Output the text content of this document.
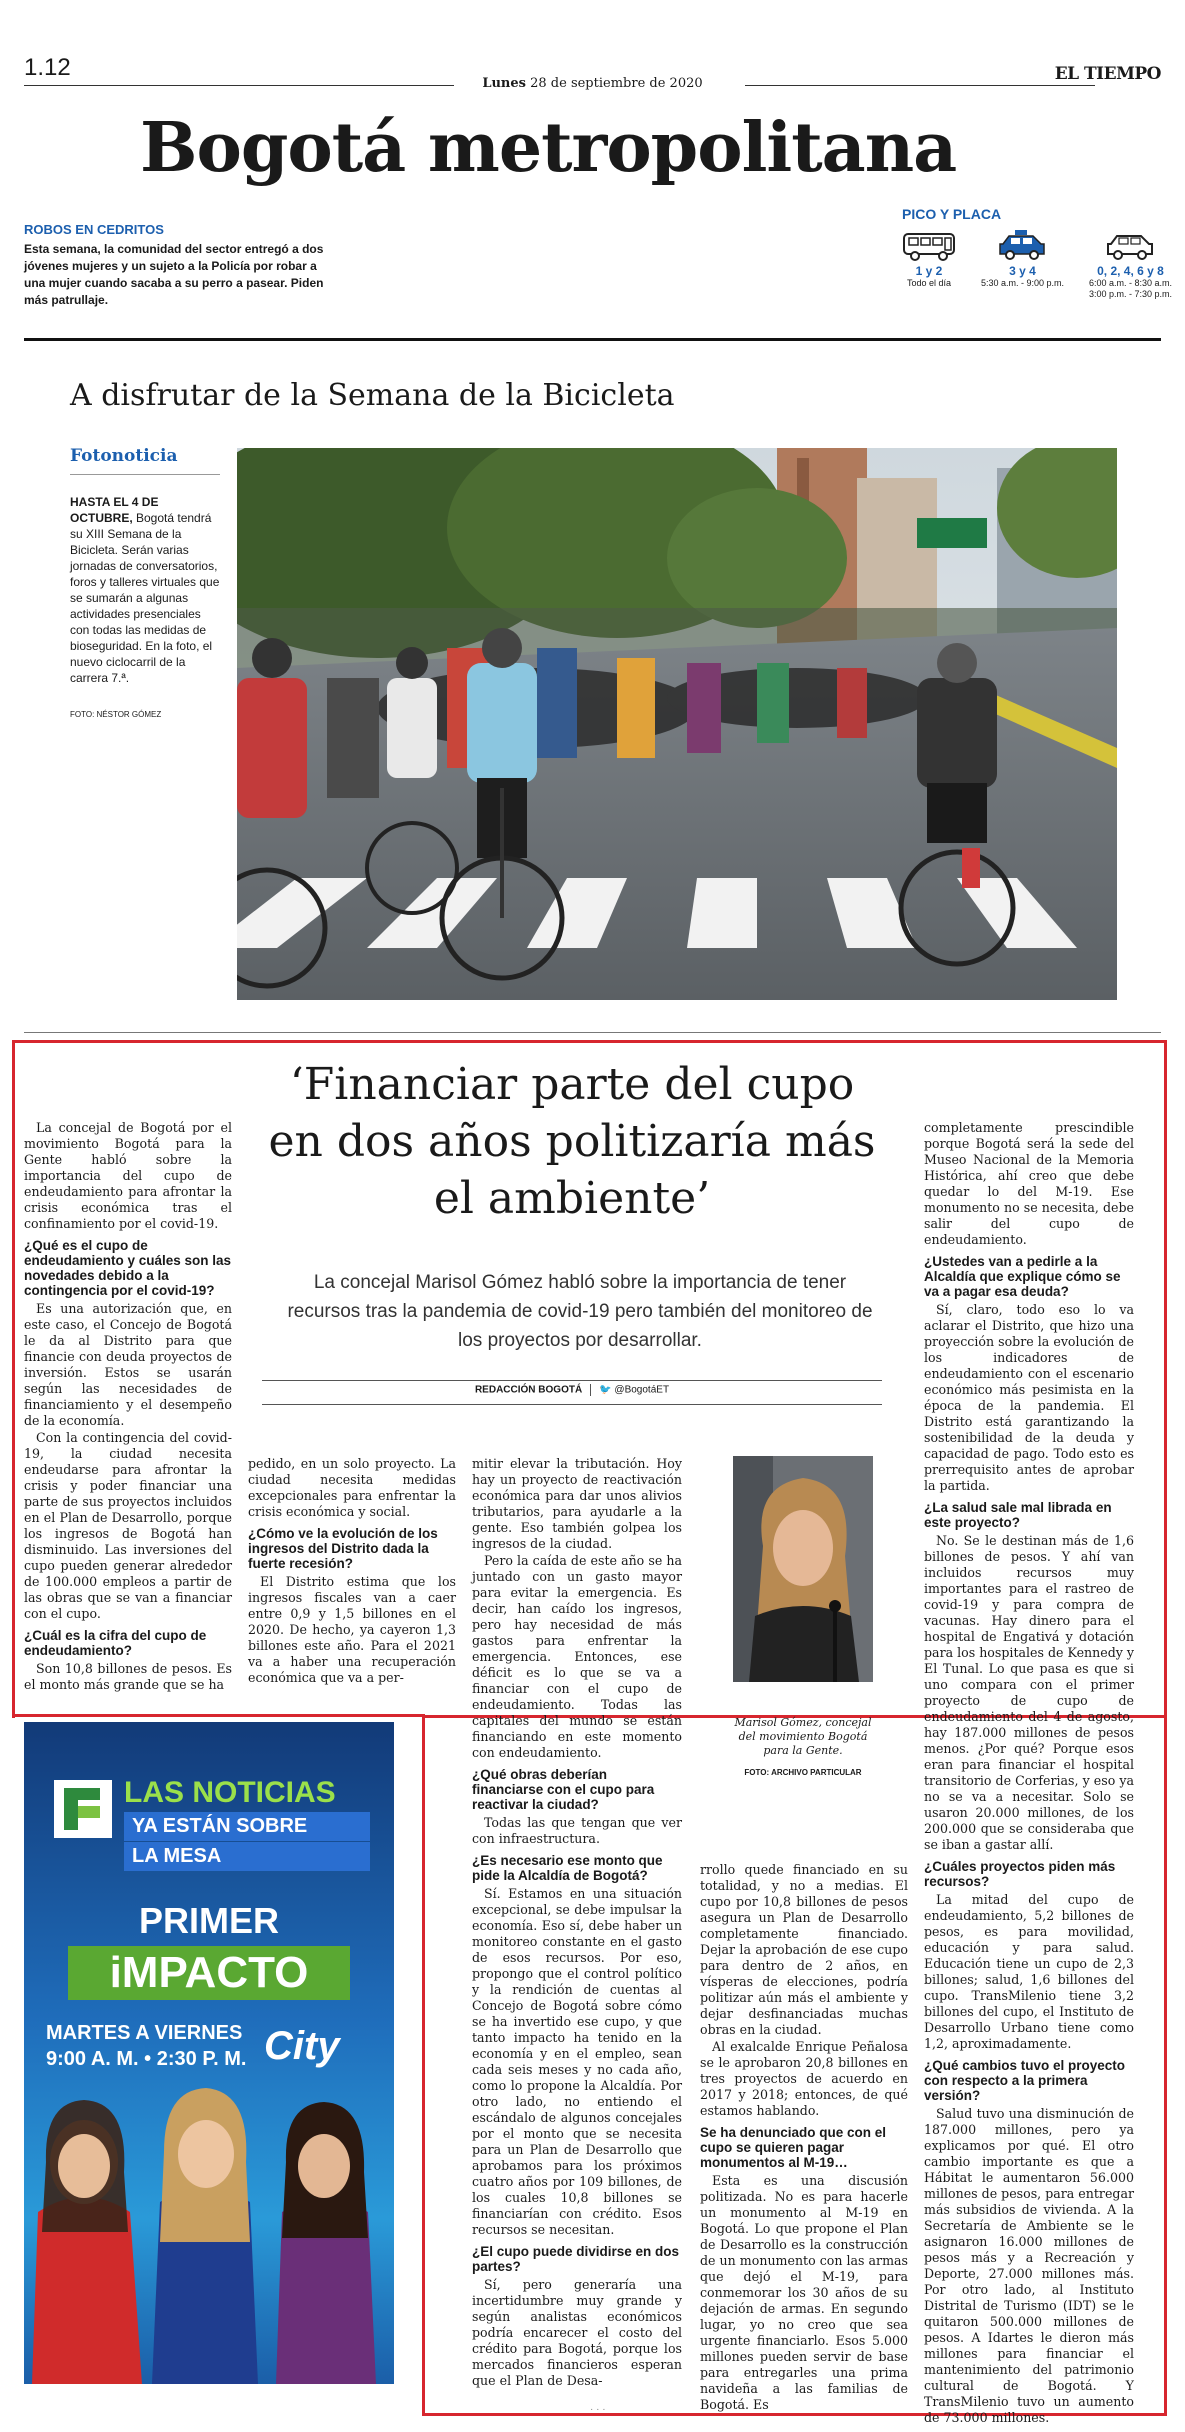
1.12
Lunes 28 de septiembre de 2020	EL TIEMPO
Bogotá metropolitana
ROBOS EN CEDRITOS
Esta semana, la comunidad del sector entregó a dos jóvenes mujeres y un sujeto a la Policía por robar a una mujer cuando sacaba a su perro a pasear. Piden más patrullaje.
PICO Y PLACA
1 y 2
Todo el día
3 y 4
5:30 a.m. - 9:00 p.m.
0, 2, 4, 6 y 8
6:00 a.m. - 8:30 a.m.
3:00 p.m. - 7:30 p.m.
A disfrutar de la Semana de la Bicicleta
Fotonoticia
HASTA EL 4 DE OCTUBRE, Bogotá tendrá su XIII Semana de la Bicicleta. Serán varias jornadas de conversatorios, foros y talleres virtuales que se sumarán a algunas actividades presenciales con todas las medidas de bioseguridad. En la foto, el nuevo ciclocarril de la carrera 7.ª.
FOTO: NÉSTOR GÓMEZ
‘Financiar parte del cupo en dos años politizaría más el ambiente’

La concejal Marisol Gómez habló sobre la importancia de tener recursos tras la pandemia de covid-19 pero también del monitoreo de los proyectos por desarrollar.

REDACCIÓN BOGOTÁ 🐦 @BogotáET

La concejal de Bogotá por el movimiento Bogotá para la Gente habló sobre la importancia del cupo de endeudamiento para afrontar la crisis económica tras el confinamiento por el covid-19.

¿Qué es el cupo de endeudamiento y cuáles son las novedades debido a la contingencia por el covid-19?

Es una autorización que, en este caso, el Concejo de Bogotá le da al Distrito para que financie con deuda proyectos de inversión. Estos se usarán según las necesidades de financiamiento y el desempeño de la economía.

Con la contingencia del covid-19, la ciudad necesita endeudarse para afrontar la crisis y poder financiar una parte de sus proyectos incluidos en el Plan de Desarrollo, porque los ingresos de Bogotá han disminuido. Las inversiones del cupo pueden generar alrededor de 100.000 empleos a partir de las obras que se van a financiar con el cupo.

¿Cuál es la cifra del cupo de endeudamiento?

Son 10,8 billones de pesos. Es el monto más grande que se ha

pedido, en un solo proyecto. La ciudad necesita medidas excepcionales para enfrentar la crisis económica y social.

¿Cómo ve la evolución de los ingresos del Distrito dada la fuerte recesión?

El Distrito estima que los ingresos fiscales van a caer entre 0,9 y 1,5 billones en el 2020. De hecho, ya cayeron 1,3 billones este año. Para el 2021 va a haber una recuperación económica que va a per-

mitir elevar la tributación. Hoy hay un proyecto de reactivación económica para dar unos alivios tributarios, para ayudarle a la gente. Eso también golpea los ingresos de la ciudad.

Pero la caída de este año se ha juntado con un gasto mayor para evitar la emergencia. Es decir, han caído los ingresos, pero hay necesidad de más gastos para enfrentar la emergencia. Entonces, ese déficit es lo que se va a financiar con el cupo de endeudamiento. Todas las capitales del mundo se están financiando en este momento con endeudamiento.

¿Qué obras deberían financiarse con el cupo para reactivar la ciudad?

Todas las que tengan que ver con infraestructura.

¿Es necesario ese monto que pide la Alcaldía de Bogotá?

Sí. Estamos en una situación excepcional, se debe impulsar la economía. Eso sí, debe haber un monitoreo constante en el gasto de esos recursos. Por eso, propongo que el control político y la rendición de cuentas al Concejo de Bogotá sobre cómo se ha invertido ese cupo, y que tanto impacto ha tenido en la economía y en el empleo, sean cada seis meses y no cada año, como lo propone la Alcaldía. Por otro lado, no entiendo el escándalo de algunos concejales por el monto que se necesita para un Plan de Desarrollo que aprobamos para los próximos cuatro años por 109 billones, de los cuales 10,8 billones se financiarían con crédito. Esos recursos se necesitan.

¿El cupo puede dividirse en dos partes?

Sí, pero generaría una incertidumbre muy grande y según analistas económicos podría encarecer el costo del crédito para Bogotá, porque los mercados financieros esperan que el Plan de Desa-

Marisol Gómez, concejal del movimiento Bogotá para la Gente.
FOTO: ARCHIVO PARTICULAR

rrollo quede financiado en su totalidad, y no a medias. El cupo por 10,8 billones de pesos asegura un Plan de Desarrollo completamente financiado. Dejar la aprobación de ese cupo para dentro de 2 años, en vísperas de elecciones, podría politizar aún más el ambiente y dejar desfinanciadas muchas obras en la ciudad.

Al exalcalde Enrique Peñalosa se le aprobaron 20,8 billones en tres proyectos de acuerdo en 2017 y 2018; entonces, de qué estamos hablando.

Se ha denunciado que con el cupo se quieren pagar monumentos al M-19…

Esta es una discusión politizada. No es para hacerle un monumento al M-19 en Bogotá. Lo que propone el Plan de Desarrollo es la construcción de un monumento con las armas que dejó el M-19, para conmemorar los 30 años de su dejación de armas. En segundo lugar, yo no creo que sea urgente financiarlo. Esos 5.000 millones pueden servir de base para entregarles una prima navideña a las familias de Bogotá. Es

completamente prescindible porque Bogotá será la sede del Museo Nacional de la Memoria Histórica, ahí creo que debe quedar lo del M-19. Ese monumento no se necesita, debe salir del cupo de endeudamiento.

¿Ustedes van a pedirle a la Alcaldía que explique cómo se va a pagar esa deuda?

Sí, claro, todo eso lo va aclarar el Distrito, que hizo una proyección sobre la evolución de los indicadores de endeudamiento con el escenario económico más pesimista en la época de la pandemia. El Distrito está garantizando la sostenibilidad de la deuda y capacidad de pago. Todo esto es prerrequisito antes de aprobar la partida.

¿La salud sale mal librada en este proyecto?

No. Se le destinan más de 1,6 billones de pesos. Y ahí van incluidos recursos muy importantes para el rastreo de covid-19 y para compra de vacunas. Hay dinero para el hospital de Engativá y dotación para los hospitales de Kennedy y El Tunal. Lo que pasa es que si uno compara con el primer proyecto de cupo de endeudamiento del 4 de agosto, hay 187.000 millones de pesos menos. ¿Por qué? Porque esos eran para financiar el hospital transitorio de Corferias, y eso ya no se va a necesitar. Solo se usaron 20.000 millones, de los 200.000 que se consideraba que se iban a gastar allí.

¿Cuáles proyectos piden más recursos?

La mitad del cupo de endeudamiento, 5,2 billones de pesos, es para movilidad, educación y para salud. Educación tiene un cupo de 2,3 billones; salud, 1,6 billones del cupo. TransMilenio tiene 3,2 billones del cupo, el Instituto de Desarrollo Urbano tiene como 1,2, aproximadamente.

¿Qué cambios tuvo el proyecto con respecto a la primera versión?

Salud tuvo una disminución de 187.000 millones, pero ya explicamos por qué. El otro cambio importante es que a Hábitat le aumentaron 56.000 millones de pesos, para entregar más subsidios de vivienda. A la Secretaría de Ambiente se le asignaron 16.000 millones de pesos más y a Recreación y Deporte, 27.000 millones más. Por otro lado, al Instituto Distrital de Turismo (IDT) se le quitaron 500.000 millones de pesos. A Idartes le dieron más millones para financiar el mantenimiento del patrimonio cultural de Bogotá. Y TransMilenio tuvo un aumento de 73.000 millones.

LAS NOTICIAS
YA ESTÁN SOBRE
LA MESA
PRIMER
iMPACTO
MARTES A VIERNES
9:00 A. M. • 2:30 P. M. City
· · ·
